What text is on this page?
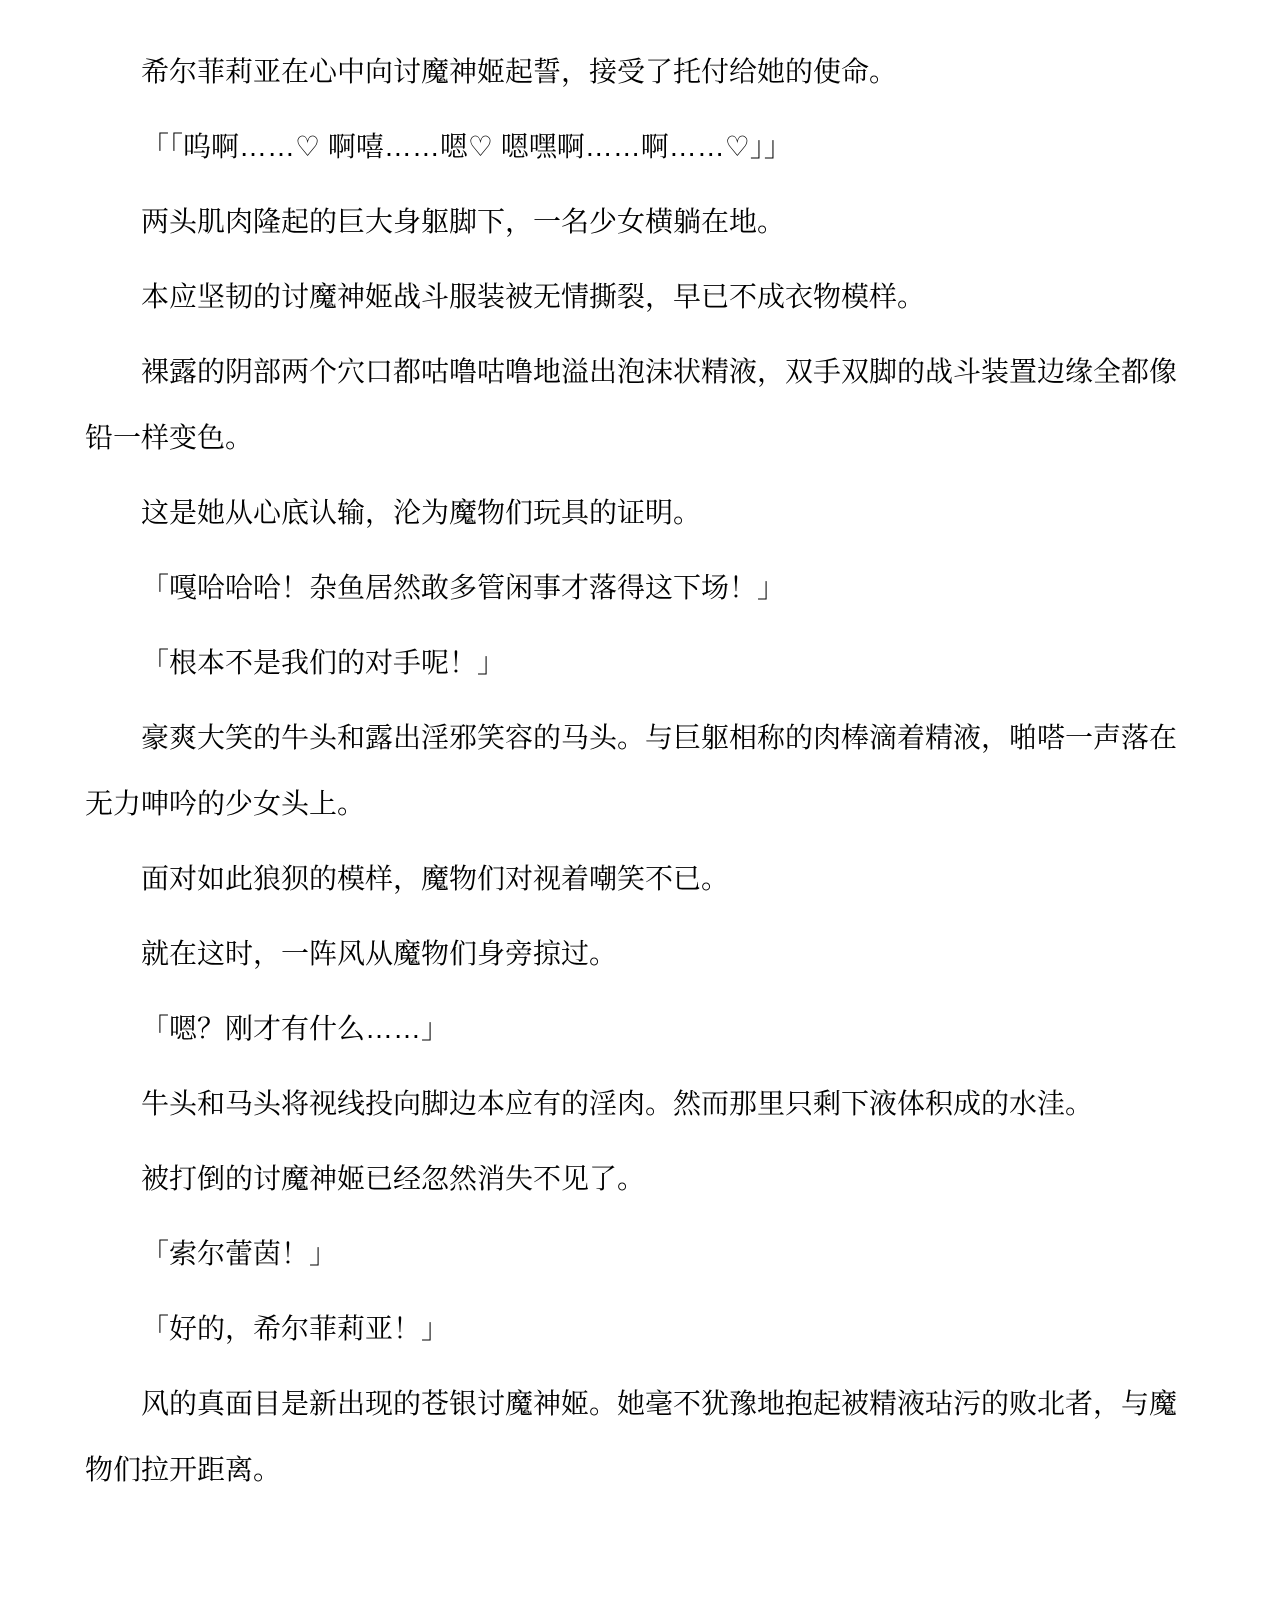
希尔菲莉亚在心中向讨魔神姬起誓，接受了托付给她的使命。

「「呜啊……♡ 啊嘻……嗯♡ 嗯嘿啊……啊……♡」」

两头肌肉隆起的巨大身躯脚下，一名少女横躺在地。

本应坚韧的讨魔神姬战斗服装被无情撕裂，早已不成衣物模样。

裸露的阴部两个穴口都咕噜咕噜地溢出泡沫状精液，双手双脚的战斗装置边缘全都像铅一样变色。

这是她从心底认输，沦为魔物们玩具的证明。

「嘎哈哈哈！杂鱼居然敢多管闲事才落得这下场！」

「根本不是我们的对手呢！」

豪爽大笑的牛头和露出淫邪笑容的马头。与巨躯相称的肉棒滴着精液，啪嗒一声落在无力呻吟的少女头上。

面对如此狼狈的模样，魔物们对视着嘲笑不已。

就在这时，一阵风从魔物们身旁掠过。

「嗯？刚才有什么……」

牛头和马头将视线投向脚边本应有的淫肉。然而那里只剩下液体积成的水洼。

被打倒的讨魔神姬已经忽然消失不见了。

「索尔蕾茵！」

「好的，希尔菲莉亚！」

风的真面目是新出现的苍银讨魔神姬。她毫不犹豫地抱起被精液玷污的败北者，与魔物们拉开距离。
